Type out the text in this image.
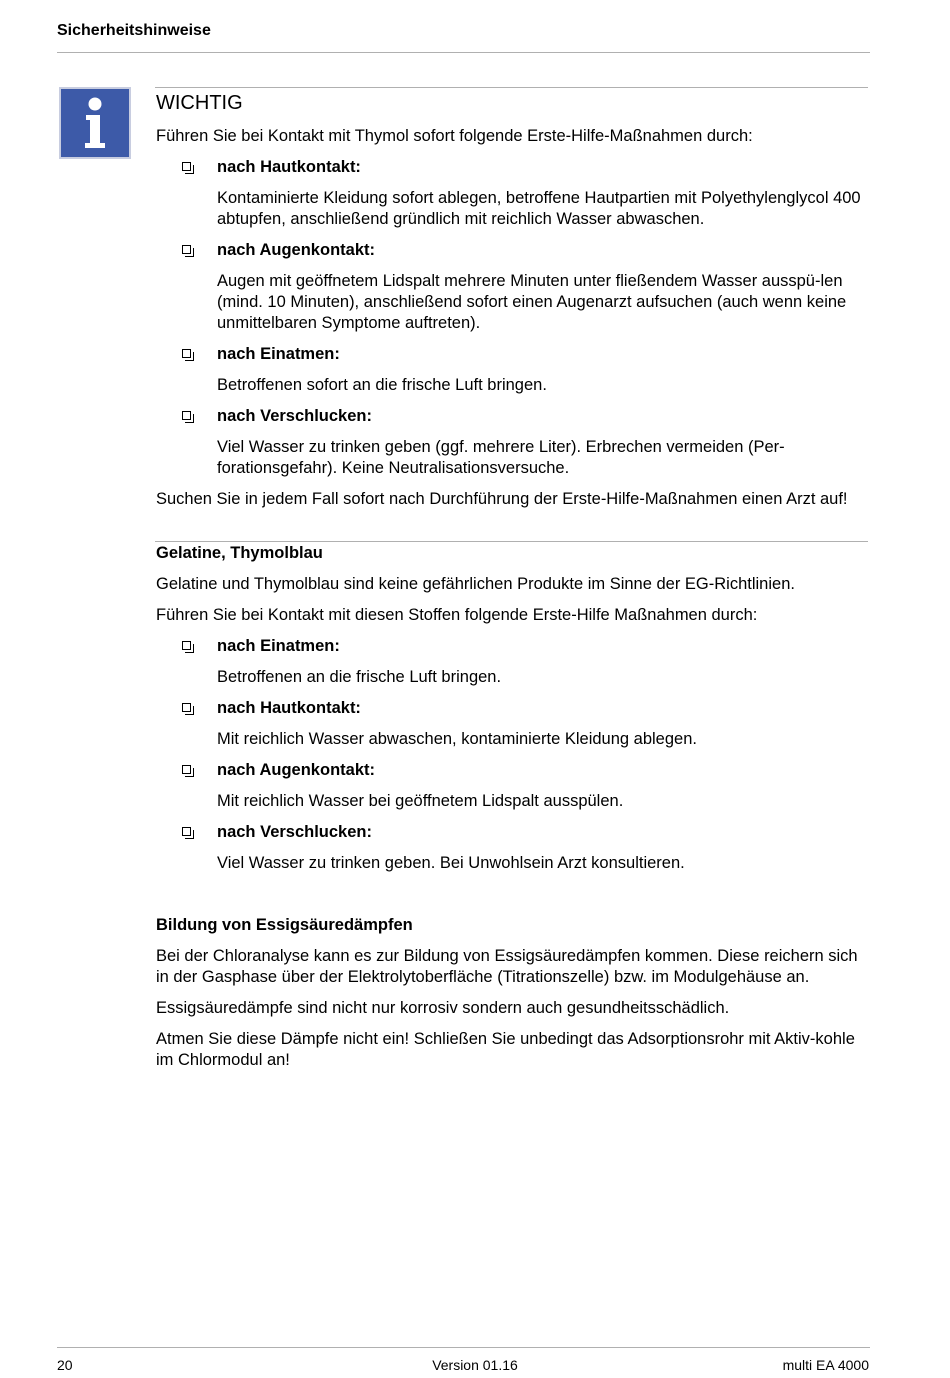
Sicherheitshinweise
WICHTIG

Führen Sie bei Kontakt mit Thymol sofort folgende Erste-Hilfe-Maßnahmen durch:

nach Hautkontakt:
Kontaminierte Kleidung sofort ablegen, betroffene Hautpartien mit Polyethylenglycol 400 abtupfen, anschließend gründlich mit reichlich Wasser abwaschen.
nach Augenkontakt:
Augen mit geöffnetem Lidspalt mehrere Minuten unter fließendem Wasser ausspü-len (mind. 10 Minuten), anschließend sofort einen Augenarzt aufsuchen (auch wenn keine unmittelbaren Symptome auftreten).
nach Einatmen:
Betroffenen sofort an die frische Luft bringen.
nach Verschlucken:
Viel Wasser zu trinken geben (ggf. mehrere Liter). Erbrechen vermeiden (Per-forationsgefahr). Keine Neutralisationsversuche.

Suchen Sie in jedem Fall sofort nach Durchführung der Erste-Hilfe-Maßnahmen einen Arzt auf!

Gelatine, Thymolblau

Gelatine und Thymolblau sind keine gefährlichen Produkte im Sinne der EG-Richtlinien.

Führen Sie bei Kontakt mit diesen Stoffen folgende Erste-Hilfe Maßnahmen durch:

nach Einatmen:
Betroffenen an die frische Luft bringen.
nach Hautkontakt:
Mit reichlich Wasser abwaschen, kontaminierte Kleidung ablegen.
nach Augenkontakt:
Mit reichlich Wasser bei geöffnetem Lidspalt ausspülen.
nach Verschlucken:
Viel Wasser zu trinken geben. Bei Unwohlsein Arzt konsultieren.
Bildung von Essigsäuredämpfen

Bei der Chloranalyse kann es zur Bildung von Essigsäuredämpfen kommen. Diese reichern sich in der Gasphase über der Elektrolytoberfläche (Titrationszelle) bzw. im Modulgehäuse an.

Essigsäuredämpfe sind nicht nur korrosiv sondern auch gesundheitsschädlich.

Atmen Sie diese Dämpfe nicht ein! Schließen Sie unbedingt das Adsorptionsrohr mit Aktiv-kohle im Chlormodul an!

20	Version 01.16	multi EA 4000
